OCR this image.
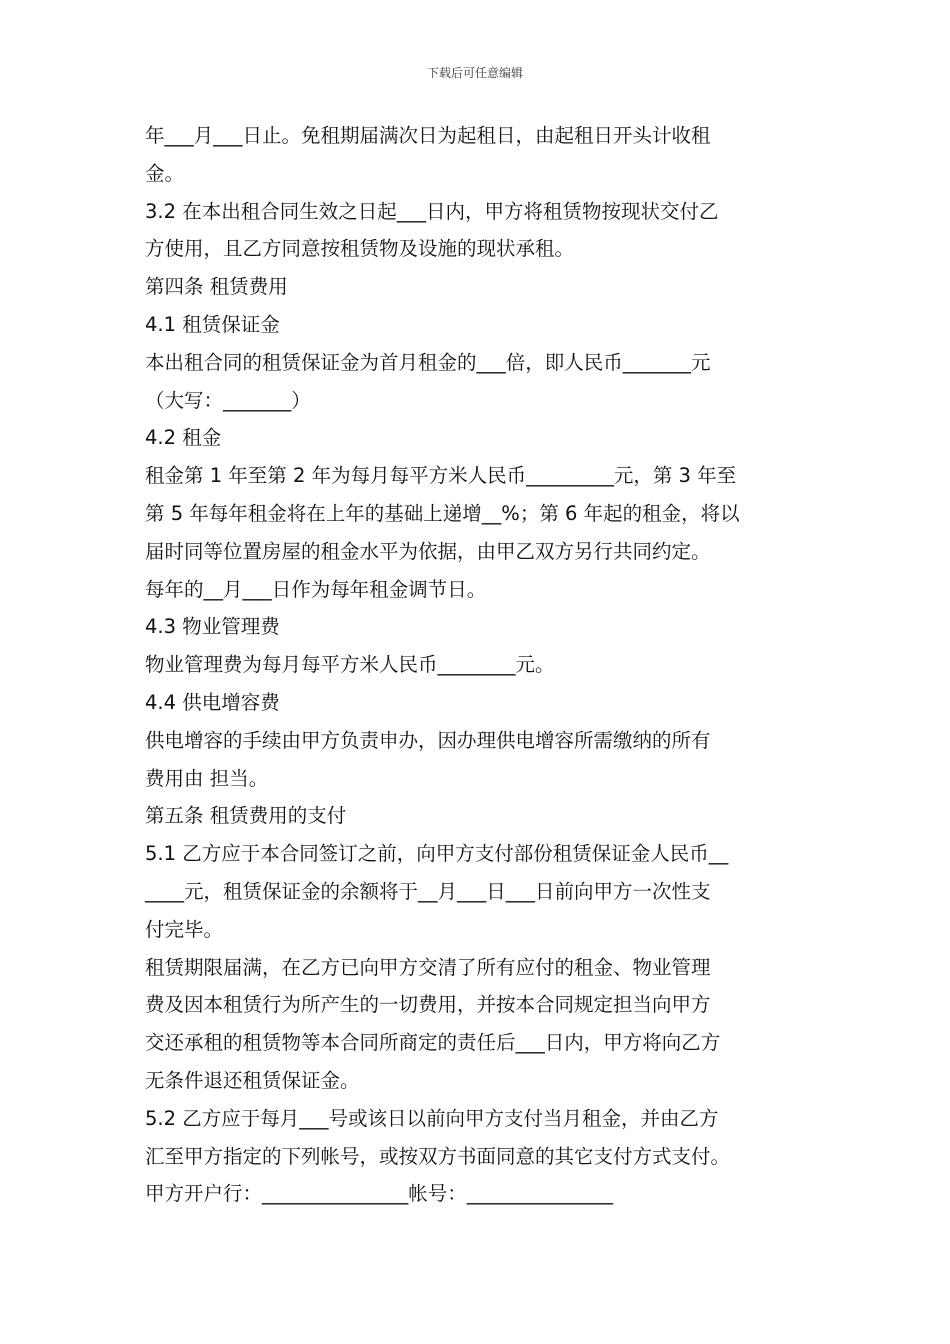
下载后可任意编辑

年___月___日止。免租期届满次日为起租日，由起租日开头计收租

金。

3.2 在本出租合同生效之日起___日内，甲方将租赁物按现状交付乙

方使用，且乙方同意按租赁物及设施的现状承租。

第四条 租赁费用

4.1 租赁保证金

本出租合同的租赁保证金为首月租金的___倍，即人民币_______元

（大写：_______）

4.2 租金

租金第 1 年至第 2 年为每月每平方米人民币_________元，第 3 年至

第 5 年每年租金将在上年的基础上递增__%；第 6 年起的租金，将以

届时同等位置房屋的租金水平为依据，由甲乙双方另行共同约定。

每年的__月___日作为每年租金调节日。

4.3 物业管理费

物业管理费为每月每平方米人民币________元。

4.4 供电增容费

供电增容的手续由甲方负责申办，因办理供电增容所需缴纳的所有

费用由 担当。

第五条 租赁费用的支付

5.1 乙方应于本合同签订之前，向甲方支付部份租赁保证金人民币__

____元，租赁保证金的余额将于__月___日___日前向甲方一次性支

付完毕。

租赁期限届满，在乙方已向甲方交清了所有应付的租金、物业管理

费及因本租赁行为所产生的一切费用，并按本合同规定担当向甲方

交还承租的租赁物等本合同所商定的责任后___日内，甲方将向乙方

无条件退还租赁保证金。

5.2 乙方应于每月___号或该日以前向甲方支付当月租金，并由乙方

汇至甲方指定的下列帐号，或按双方书面同意的其它支付方式支付。

甲方开户行：_______________帐号：_______________
